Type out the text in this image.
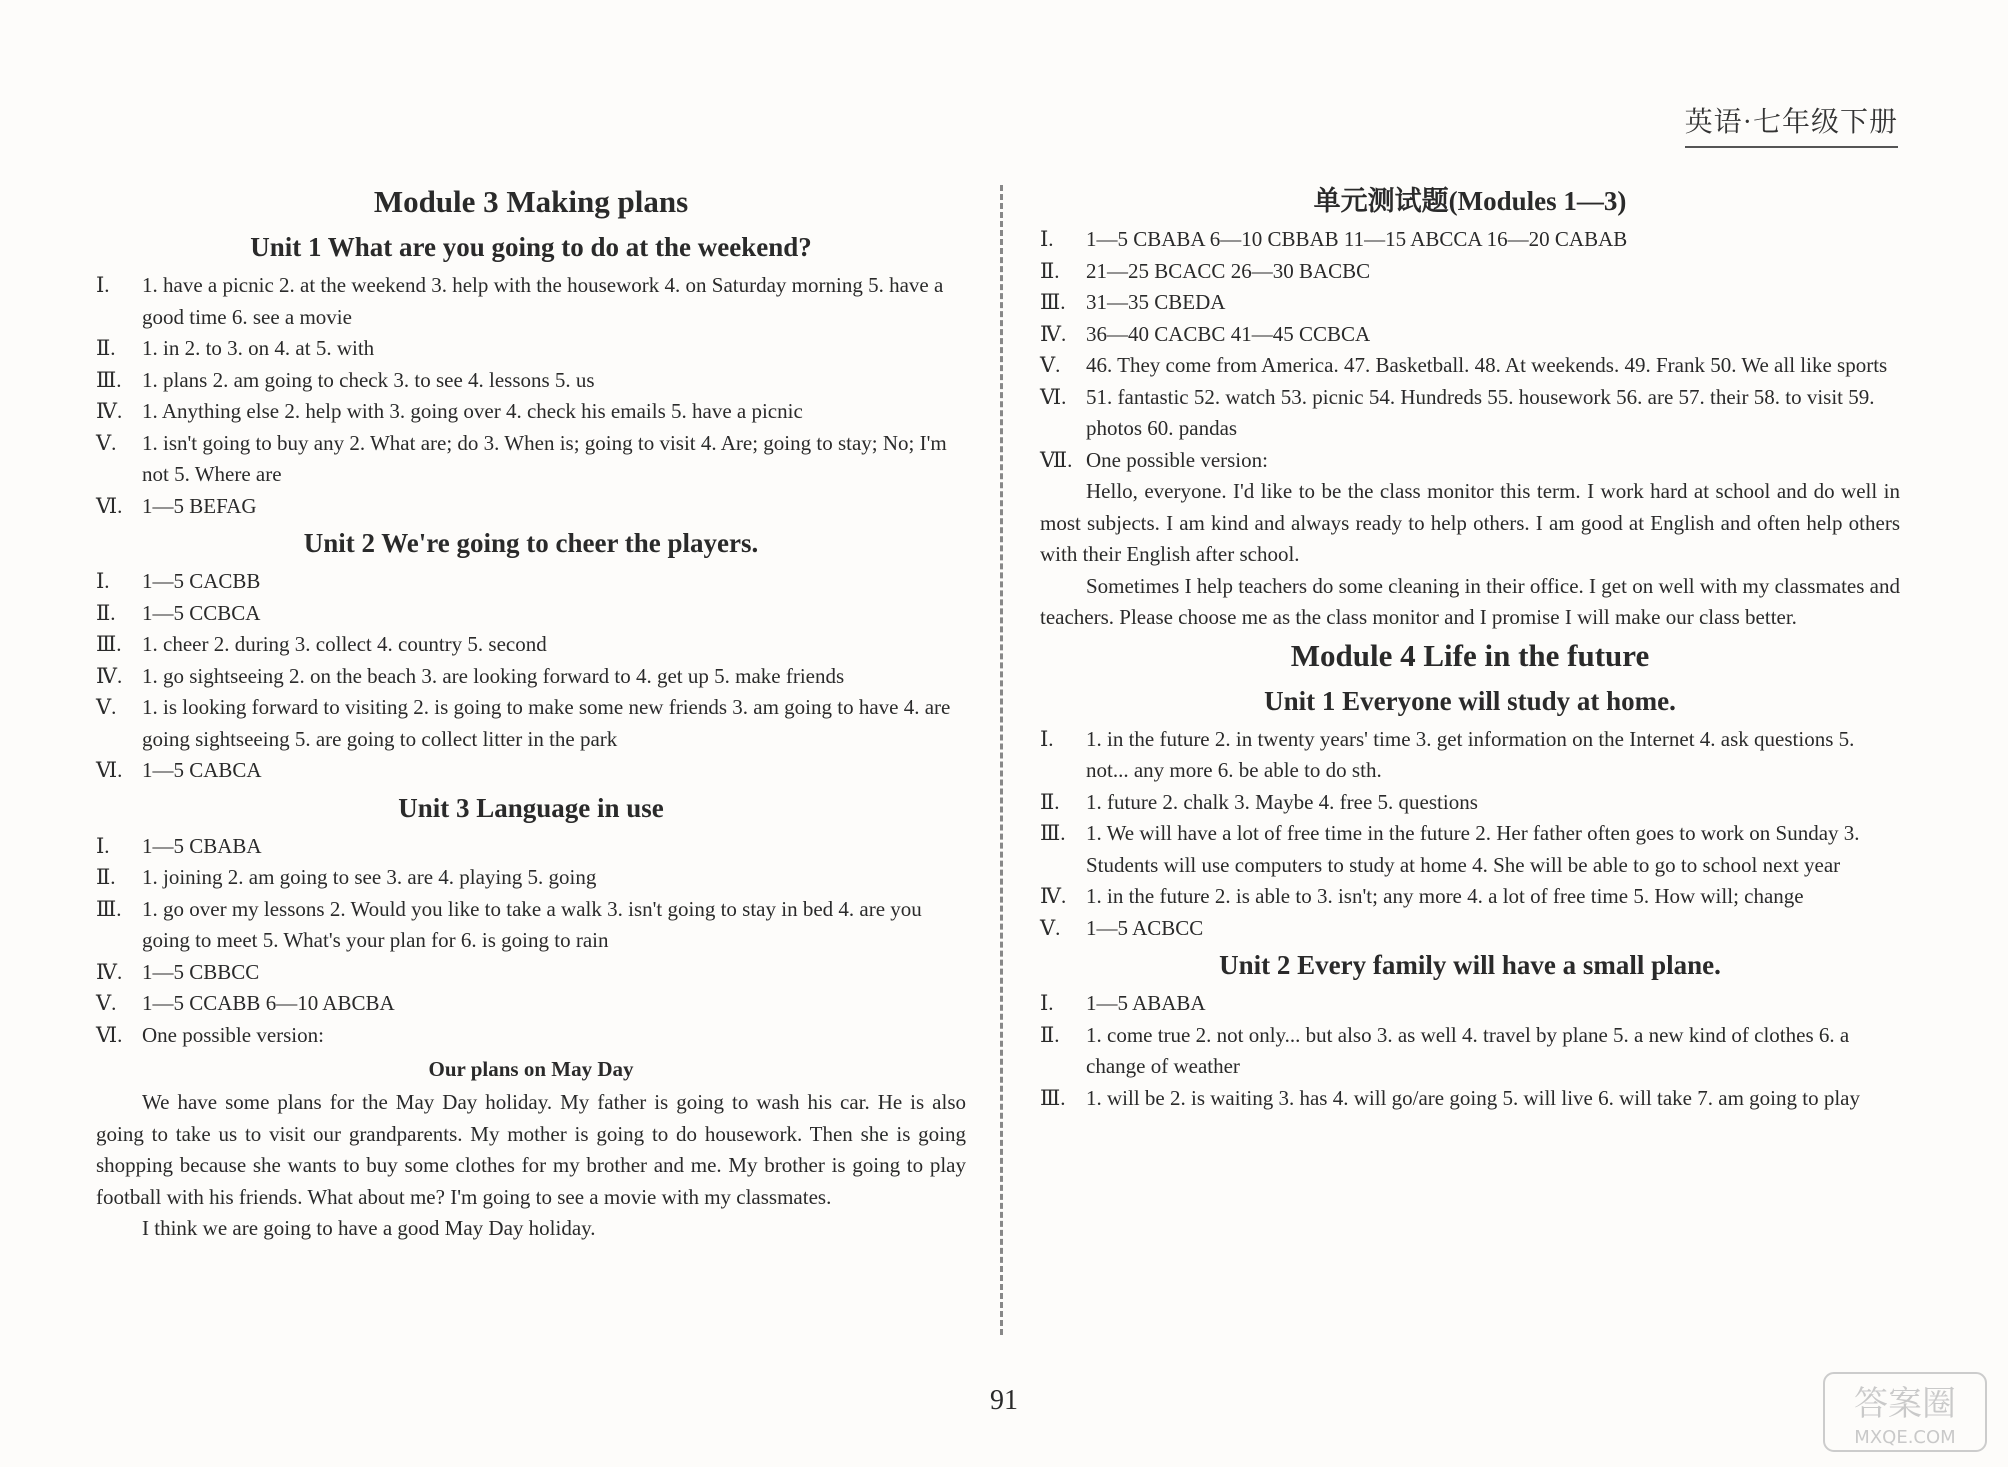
英语·七年级下册
Module 3 Making plans
Unit 1 What are you going to do at the weekend?
Ⅰ.	1. have a picnic 2. at the weekend 3. help with the housework 4. on Saturday morning 5. have a good time 6. see a movie
Ⅱ.	1. in 2. to 3. on 4. at 5. with
Ⅲ. 1. plans 2. am going to check 3. to see 4. lessons 5. us
Ⅳ. 1. Anything else 2. help with 3. going over 4. check his emails 5. have a picnic
Ⅴ.	1. isn't going to buy any 2. What are; do 3. When is; going to visit 4. Are; going to stay; No; I'm not 5. Where are
Ⅵ. 1—5 BEFAG
Unit 2 We're going to cheer the players.
Ⅰ.	1—5 CACBB
Ⅱ.	1—5 CCBCA
Ⅲ. 1. cheer 2. during 3. collect 4. country 5. second
Ⅳ. 1. go sightseeing 2. on the beach 3. are looking forward to 4. get up 5. make friends
Ⅴ.	1. is looking forward to visiting 2. is going to make some new friends 3. am going to have 4. are going sightseeing 5. are going to collect litter in the park
Ⅵ. 1—5 CABCA
Unit 3 Language in use
Ⅰ.	1—5 CBABA
Ⅱ.	1. joining 2. am going to see 3. are 4. playing 5. going
Ⅲ. 1. go over my lessons 2. Would you like to take a walk 3. isn't going to stay in bed 4. are you going to meet 5. What's your plan for 6. is going to rain
Ⅳ. 1—5 CBBCC
Ⅴ.	1—5 CCABB 6—10 ABCBA
Ⅵ. One possible version:
Our plans on May Day
We have some plans for the May Day holiday. My father is going to wash his car. He is also going to take us to visit our grandparents. My mother is going to do housework. Then she is going shopping because she wants to buy some clothes for my brother and me. My brother is going to play football with his friends. What about me? I'm going to see a movie with my classmates.
I think we are going to have a good May Day holiday.
单元测试题(Modules 1—3)
Ⅰ.	1—5 CBABA 6—10 CBBAB 11—15 ABCCA 16—20 CABAB
Ⅱ.	21—25 BCACC 26—30 BACBC
Ⅲ. 31—35 CBEDA
Ⅳ. 36—40 CACBC 41—45 CCBCA
Ⅴ.	46. They come from America. 47. Basketball. 48. At weekends. 49. Frank 50. We all like sports
Ⅵ. 51. fantastic 52. watch 53. picnic 54. Hundreds 55. housework 56. are 57. their 58. to visit 59. photos 60. pandas
Ⅶ. One possible version:
Hello, everyone. I'd like to be the class monitor this term. I work hard at school and do well in most subjects. I am kind and always ready to help others. I am good at English and often help others with their English after school.
Sometimes I help teachers do some cleaning in their office. I get on well with my classmates and teachers. Please choose me as the class monitor and I promise I will make our class better.
Module 4 Life in the future
Unit 1 Everyone will study at home.
Ⅰ.	1. in the future 2. in twenty years' time 3. get information on the Internet 4. ask questions 5. not... any more 6. be able to do sth.
Ⅱ.	1. future 2. chalk 3. Maybe 4. free 5. questions
Ⅲ. 1. We will have a lot of free time in the future 2. Her father often goes to work on Sunday 3. Students will use computers to study at home 4. She will be able to go to school next year
Ⅳ. 1. in the future 2. is able to 3. isn't; any more 4. a lot of free time 5. How will; change
Ⅴ.	1—5 ACBCC
Unit 2 Every family will have a small plane.
Ⅰ.	1—5 ABABA
Ⅱ.	1. come true 2. not only... but also 3. as well 4. travel by plane 5. a new kind of clothes 6. a change of weather
Ⅲ. 1. will be 2. is waiting 3. has 4. will go/are going 5. will live 6. will take 7. am going to play
91	答案圈
MXQE.COM
